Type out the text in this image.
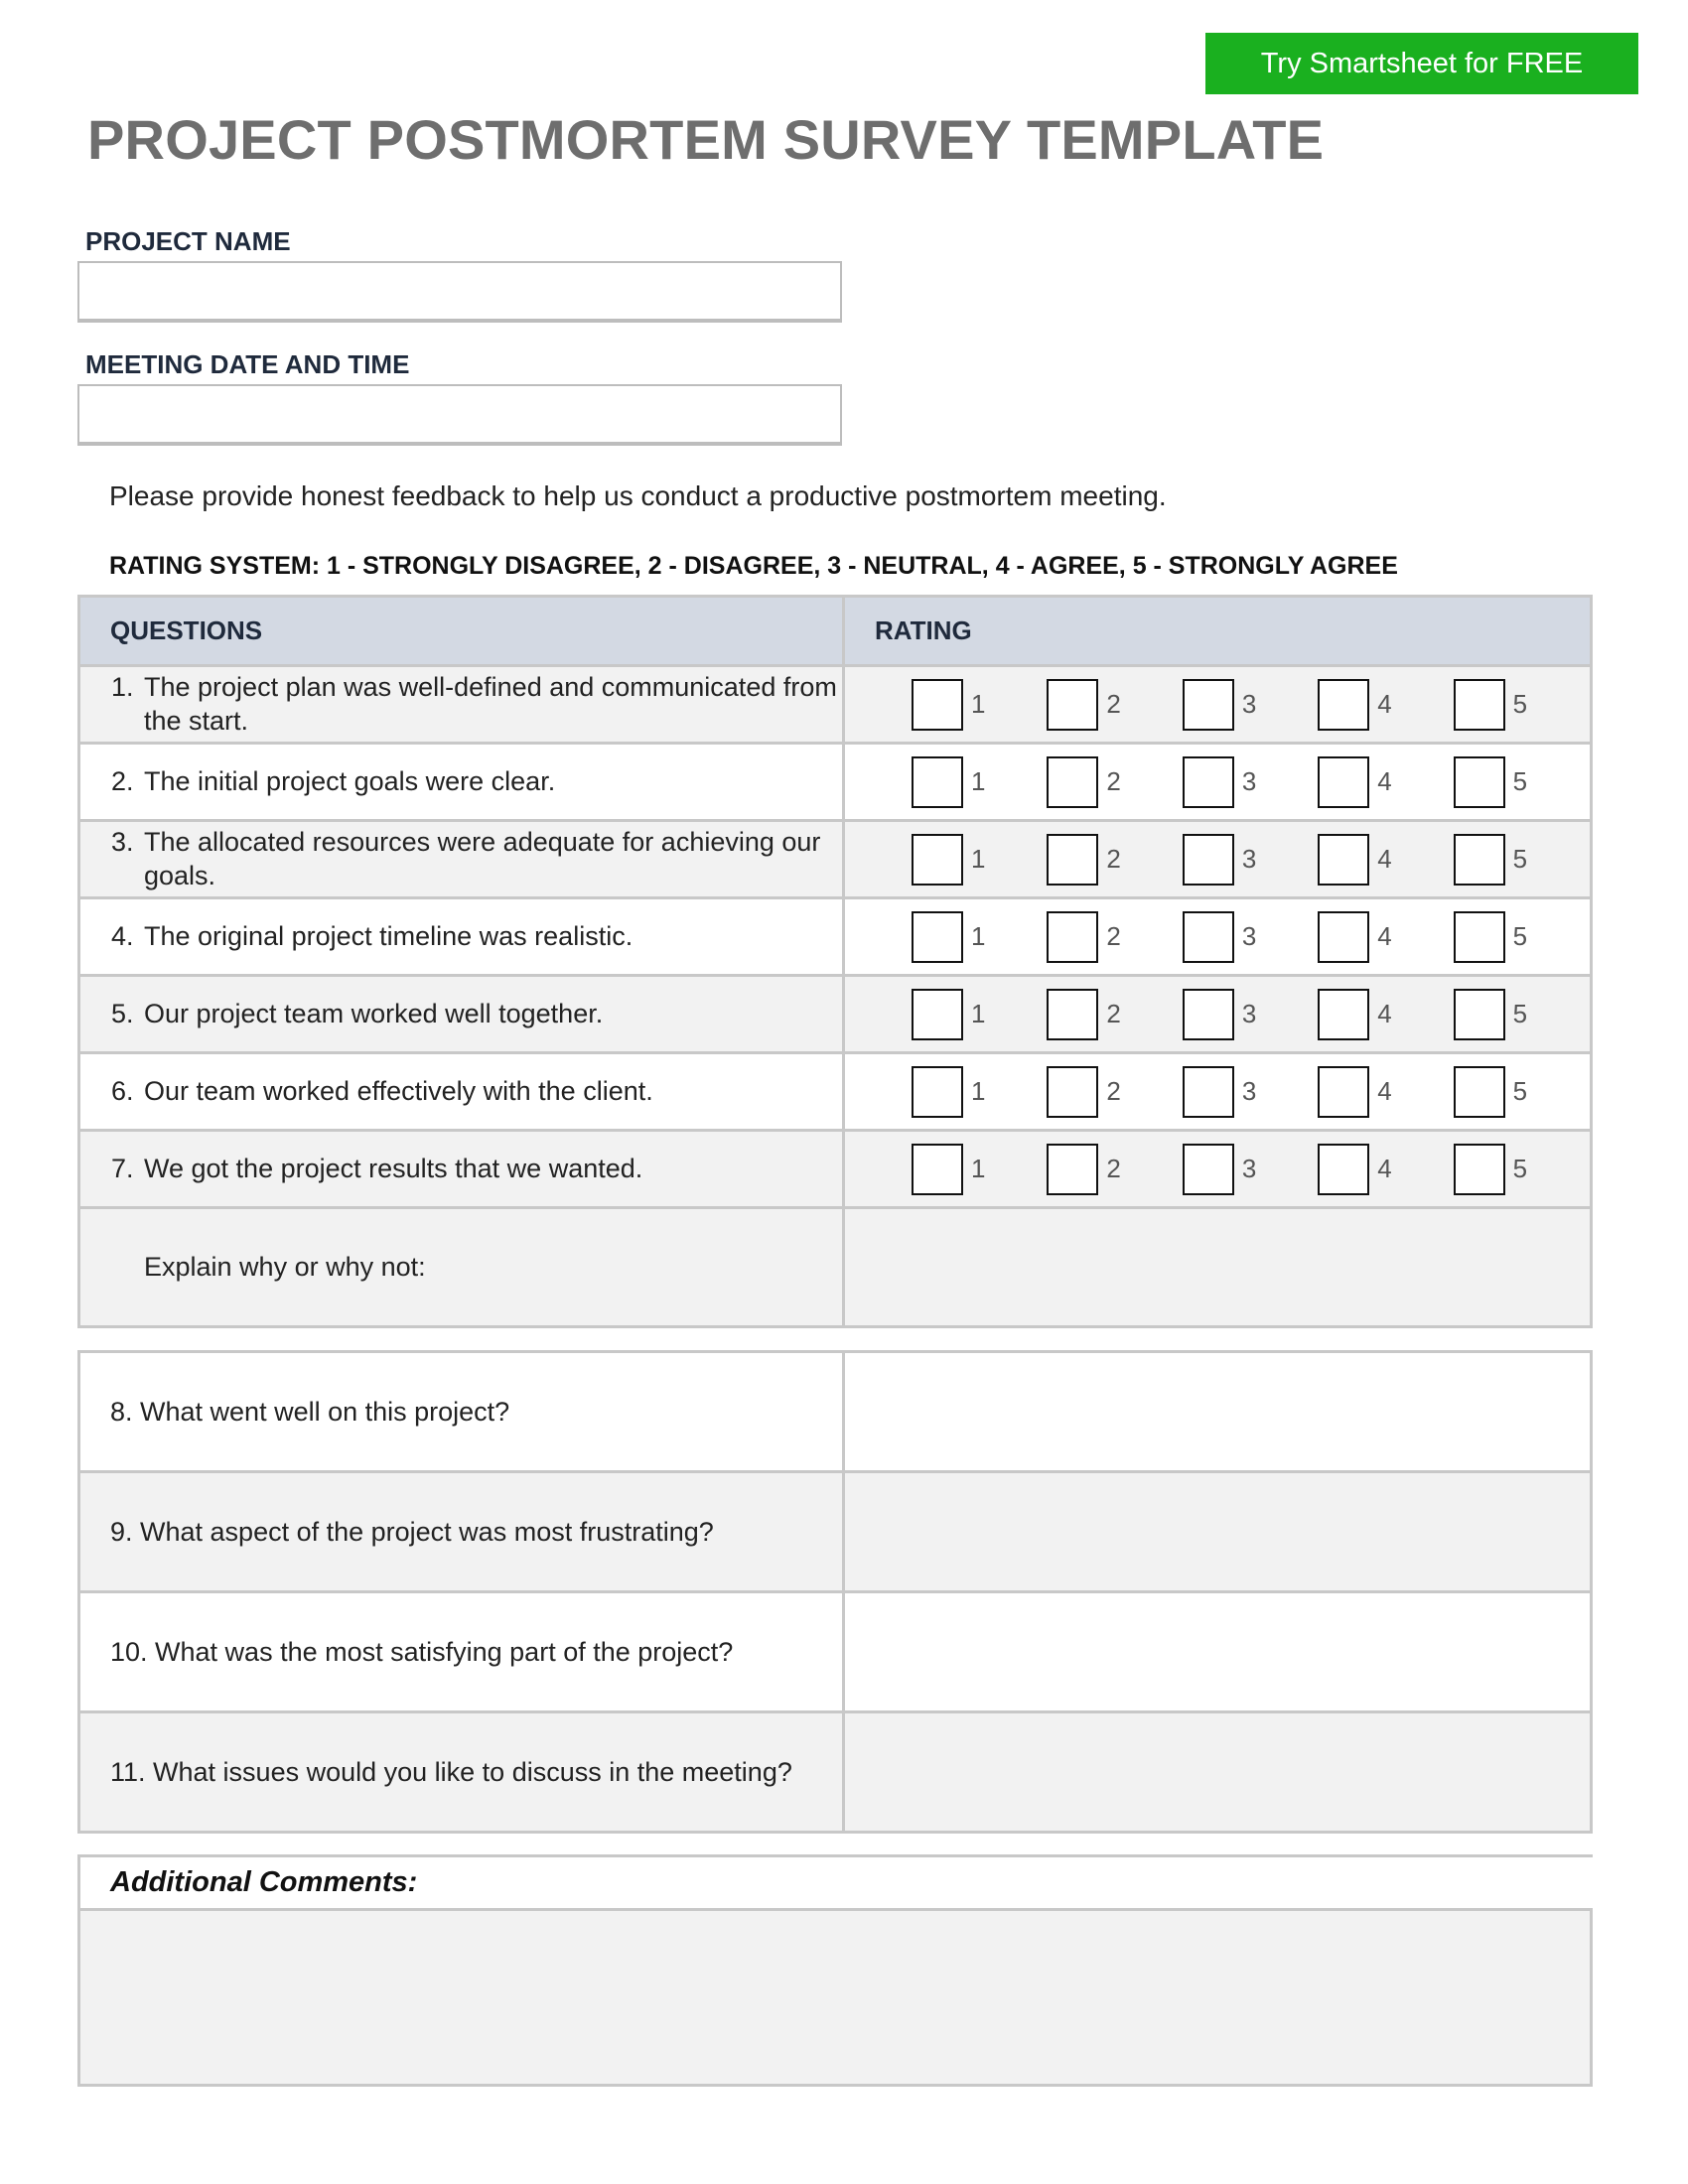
Try Smartsheet for FREE
PROJECT POSTMORTEM SURVEY TEMPLATE
PROJECT NAME
MEETING DATE AND TIME
Please provide honest feedback to help us conduct a productive postmortem meeting.
RATING SYSTEM: 1 - STRONGLY DISAGREE, 2 - DISAGREE, 3 - NEUTRAL, 4 - AGREE, 5 - STRONGLY AGREE
QUESTIONS	RATING

1. The project plan was well-defined and communicated from the start.	1 2 3 4 5

2. The initial project goals were clear.	1 2 3 4 5

3. The allocated resources were adequate for achieving our goals.	1 2 3 4 5

4. The original project timeline was realistic.	1 2 3 4 5

5. Our project team worked well together.	1 2 3 4 5

6. Our team worked effectively with the client.	1 2 3 4 5

7. We got the project results that we wanted.	1 2 3 4 5

Explain why or why not:	

8. What went well on this project?	
9. What aspect of the project was most frustrating?	
10. What was the most satisfying part of the project?	
11. What issues would you like to discuss in the meeting?	
Additional Comments:
